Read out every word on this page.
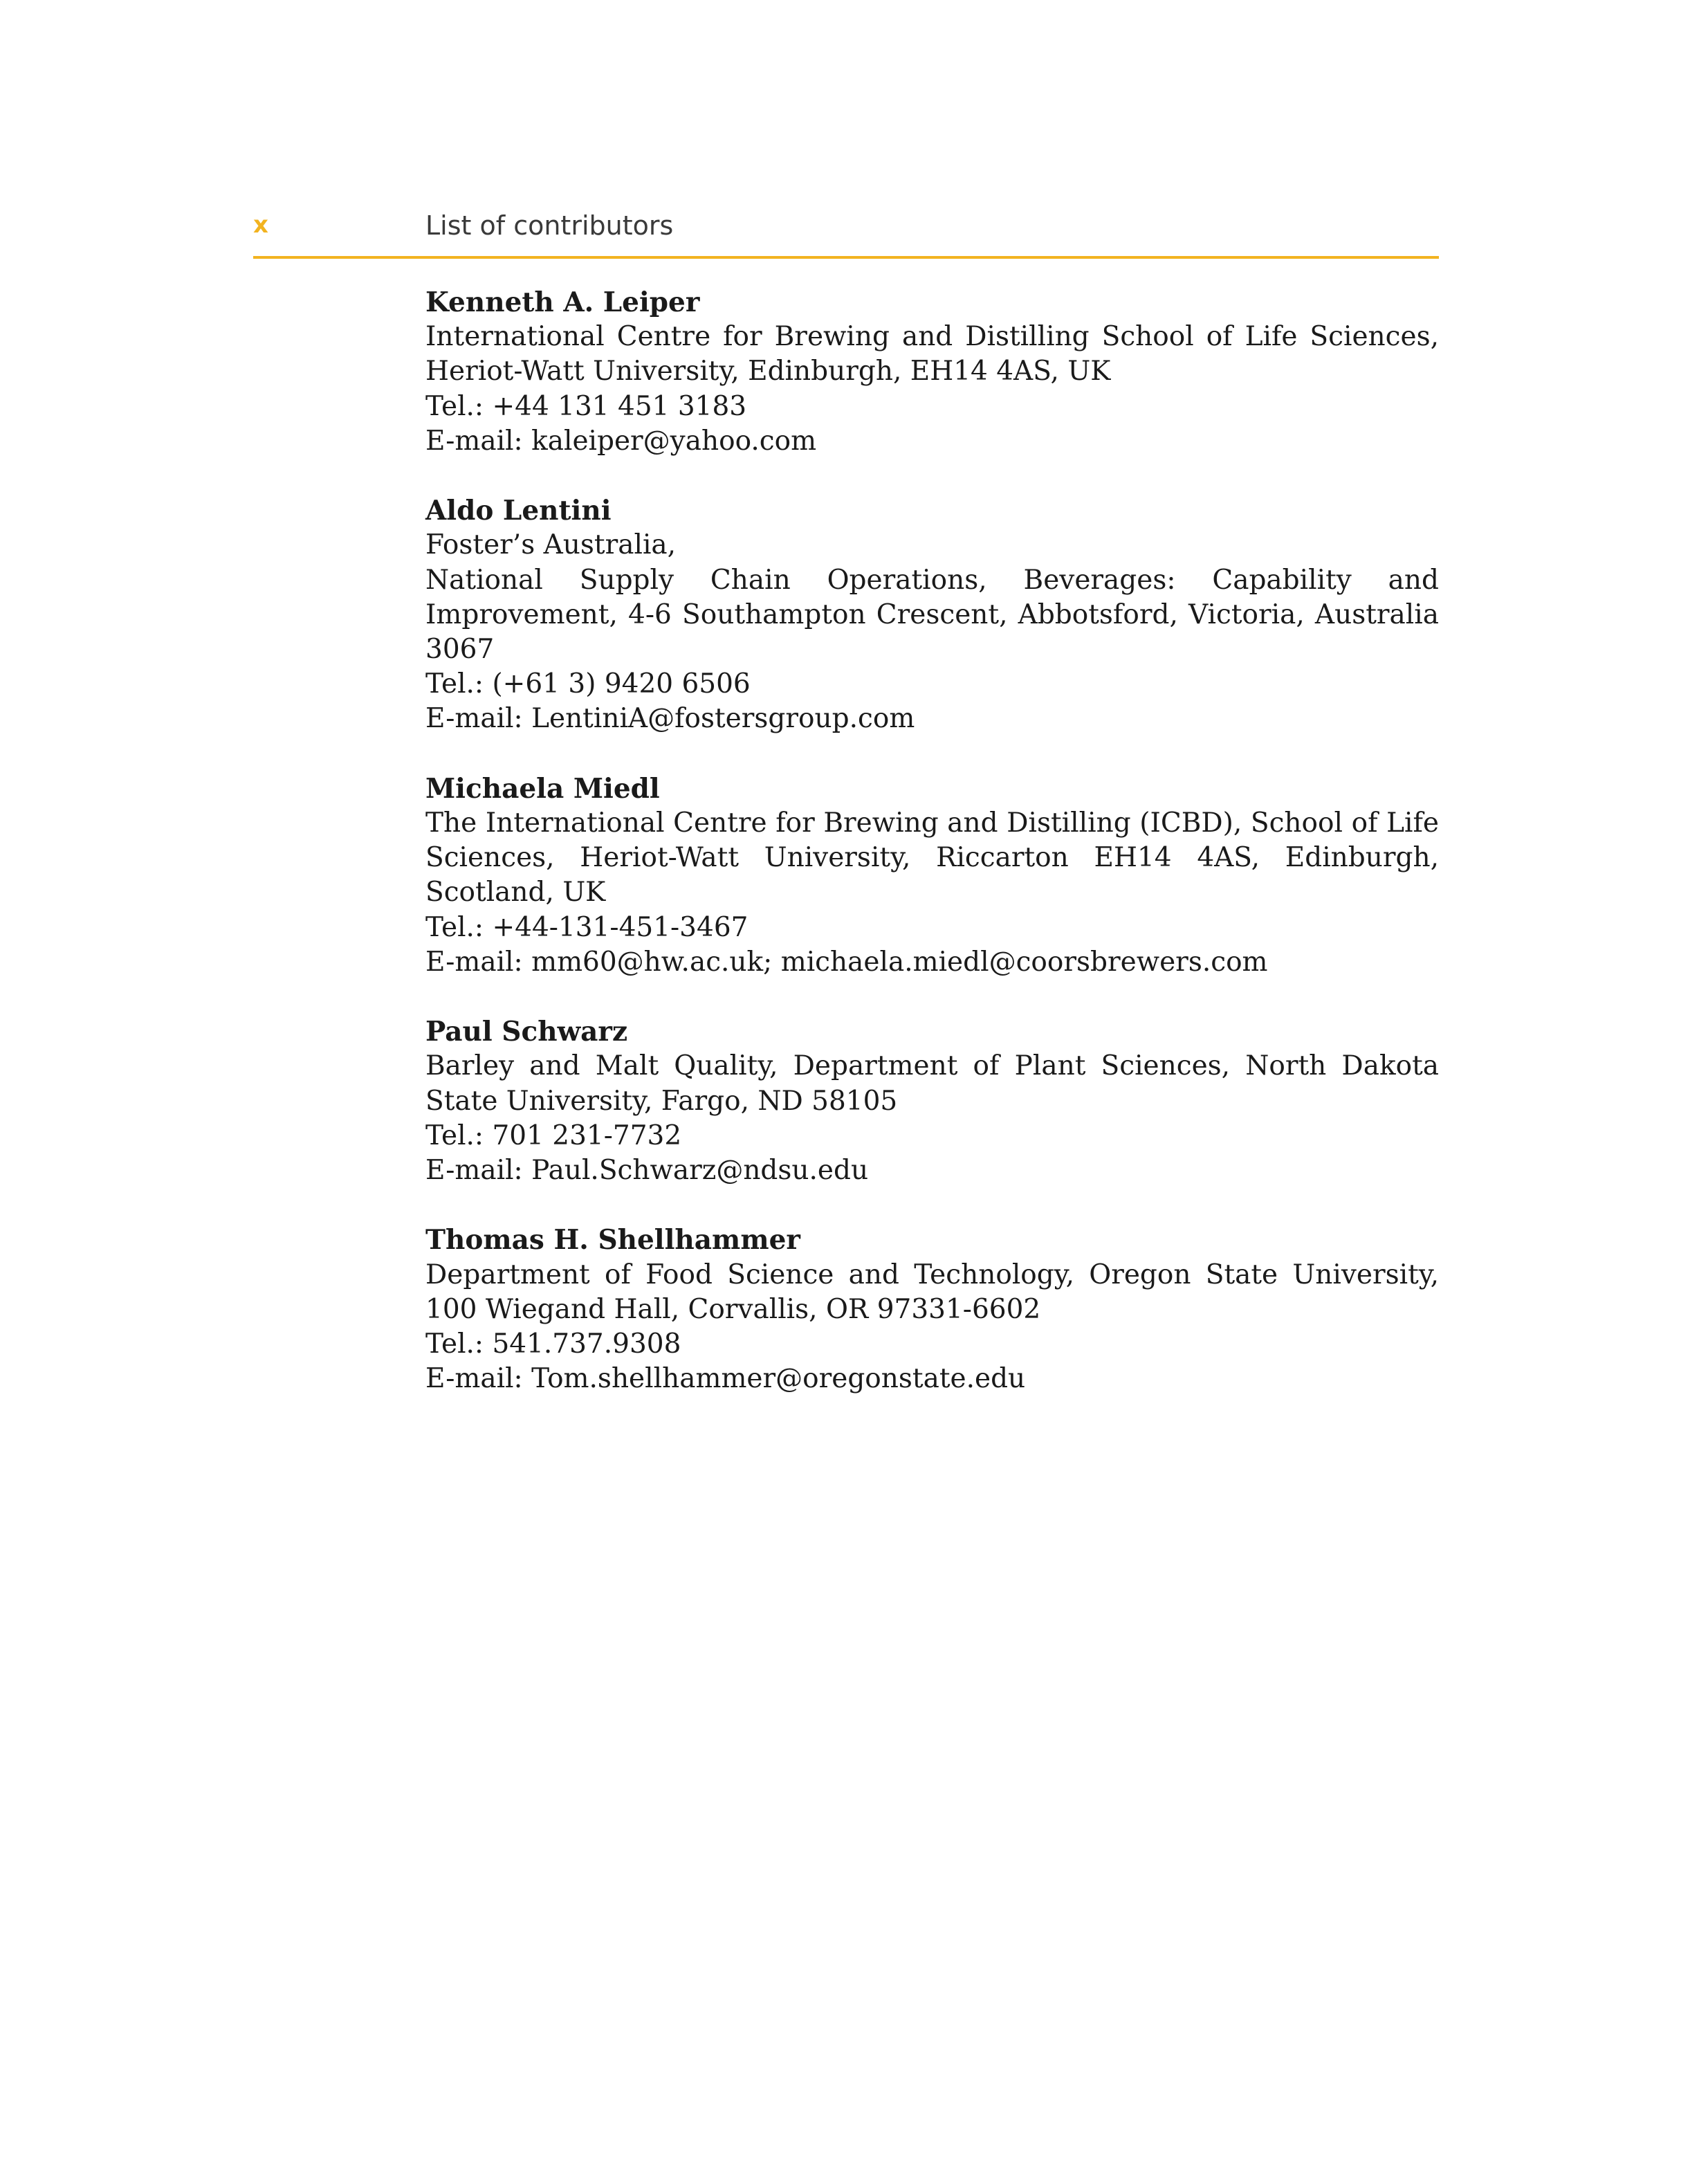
x	List of contributors
Kenneth A. Leiper
International Centre for Brewing and Distilling School of Life Sciences, Heriot-Watt University, Edinburgh, EH14 4AS, UK
Tel.: +44 131 451 3183
E-mail: kaleiper@yahoo.com
Aldo Lentini
Foster’s Australia,
National Supply Chain Operations, Beverages: Capability and Improvement, 4-6 Southampton Crescent, Abbotsford, Victoria, Australia 3067
Tel.: (+61 3) 9420 6506
E-mail: LentiniA@fostersgroup.com
Michaela Miedl
The International Centre for Brewing and Distilling (ICBD), School of Life Sciences, Heriot-Watt University, Riccarton EH14 4AS, Edinburgh, Scotland, UK
Tel.: +44-131-451-3467
E-mail: mm60@hw.ac.uk; michaela.miedl@coorsbrewers.com
Paul Schwarz
Barley and Malt Quality, Department of Plant Sciences, North Dakota State University, Fargo, ND 58105
Tel.: 701 231-7732
E-mail: Paul.Schwarz@ndsu.edu
Thomas H. Shellhammer
Department of Food Science and Technology, Oregon State University, 100 Wiegand Hall, Corvallis, OR 97331-6602
Tel.: 541.737.9308
E-mail: Tom.shellhammer@oregonstate.edu
